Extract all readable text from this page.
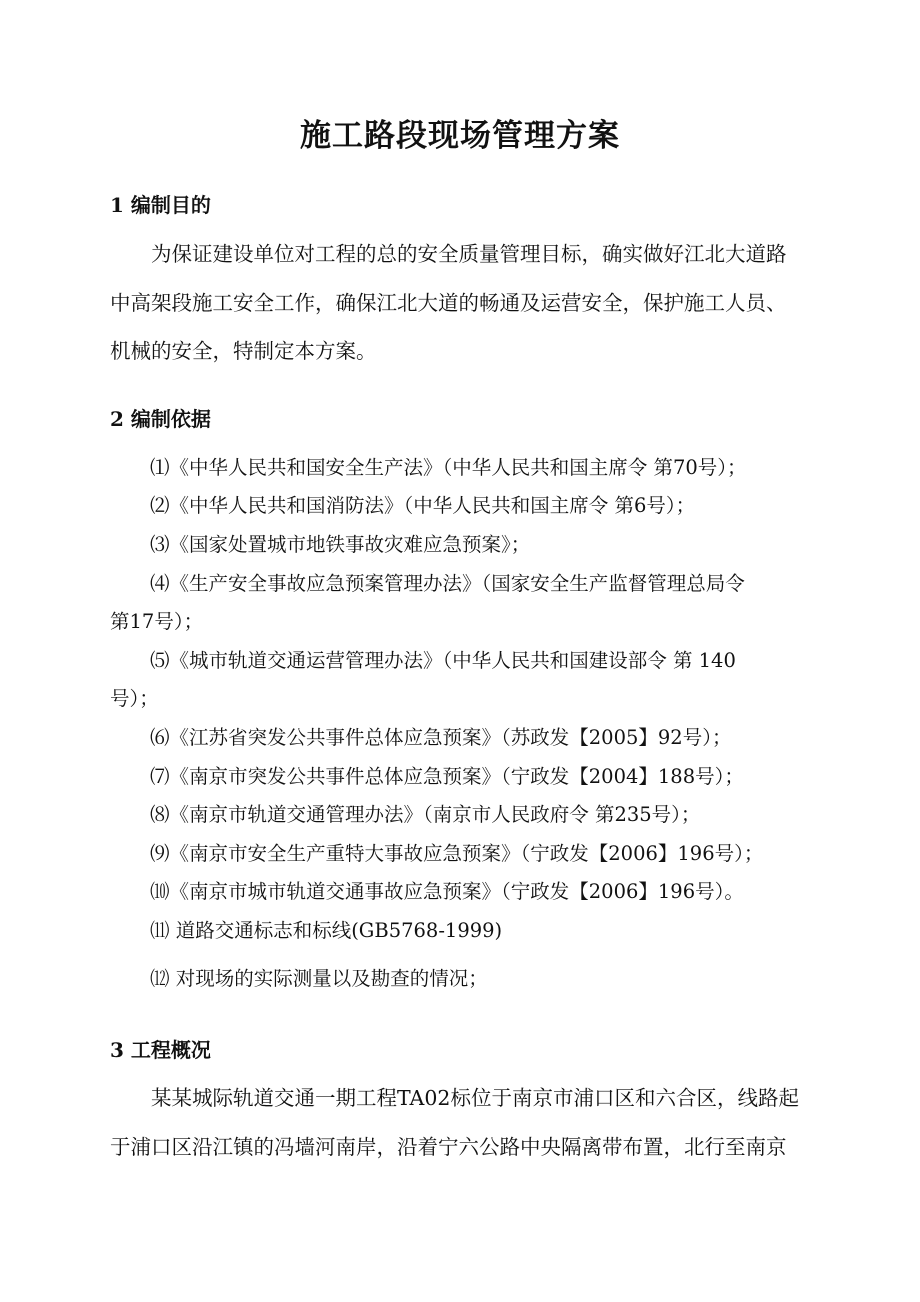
施工路段现场管理方案
1 编制目的
为保证建设单位对工程的总的安全质量管理目标，确实做好江北大道路
中高架段施工安全工作，确保江北大道的畅通及运营安全，保护施工人员、
机械的安全，特制定本方案。
2 编制依据
⑴《中华人民共和国安全生产法》（中华人民共和国主席令 第70号）；
⑵《中华人民共和国消防法》（中华人民共和国主席令 第6号）；
⑶《国家处置城市地铁事故灾难应急预案》；
⑷《生产安全事故应急预案管理办法》（国家安全生产监督管理总局令
第17号）；
⑸《城市轨道交通运营管理办法》（中华人民共和国建设部令 第 140
号）；
⑹《江苏省突发公共事件总体应急预案》（苏政发【2005】92号）；
⑺《南京市突发公共事件总体应急预案》（宁政发【2004】188号）；
⑻《南京市轨道交通管理办法》（南京市人民政府令 第235号）；
⑼《南京市安全生产重特大事故应急预案》（宁政发【2006】196号）；
⑽《南京市城市轨道交通事故应急预案》（宁政发【2006】196号）。
⑾ 道路交通标志和标线(GB5768-1999)
⑿ 对现场的实际测量以及勘查的情况；
3 工程概况
某某城际轨道交通一期工程TA02标位于南京市浦口区和六合区，线路起
于浦口区沿江镇的冯墙河南岸，沿着宁六公路中央隔离带布置，北行至南京
